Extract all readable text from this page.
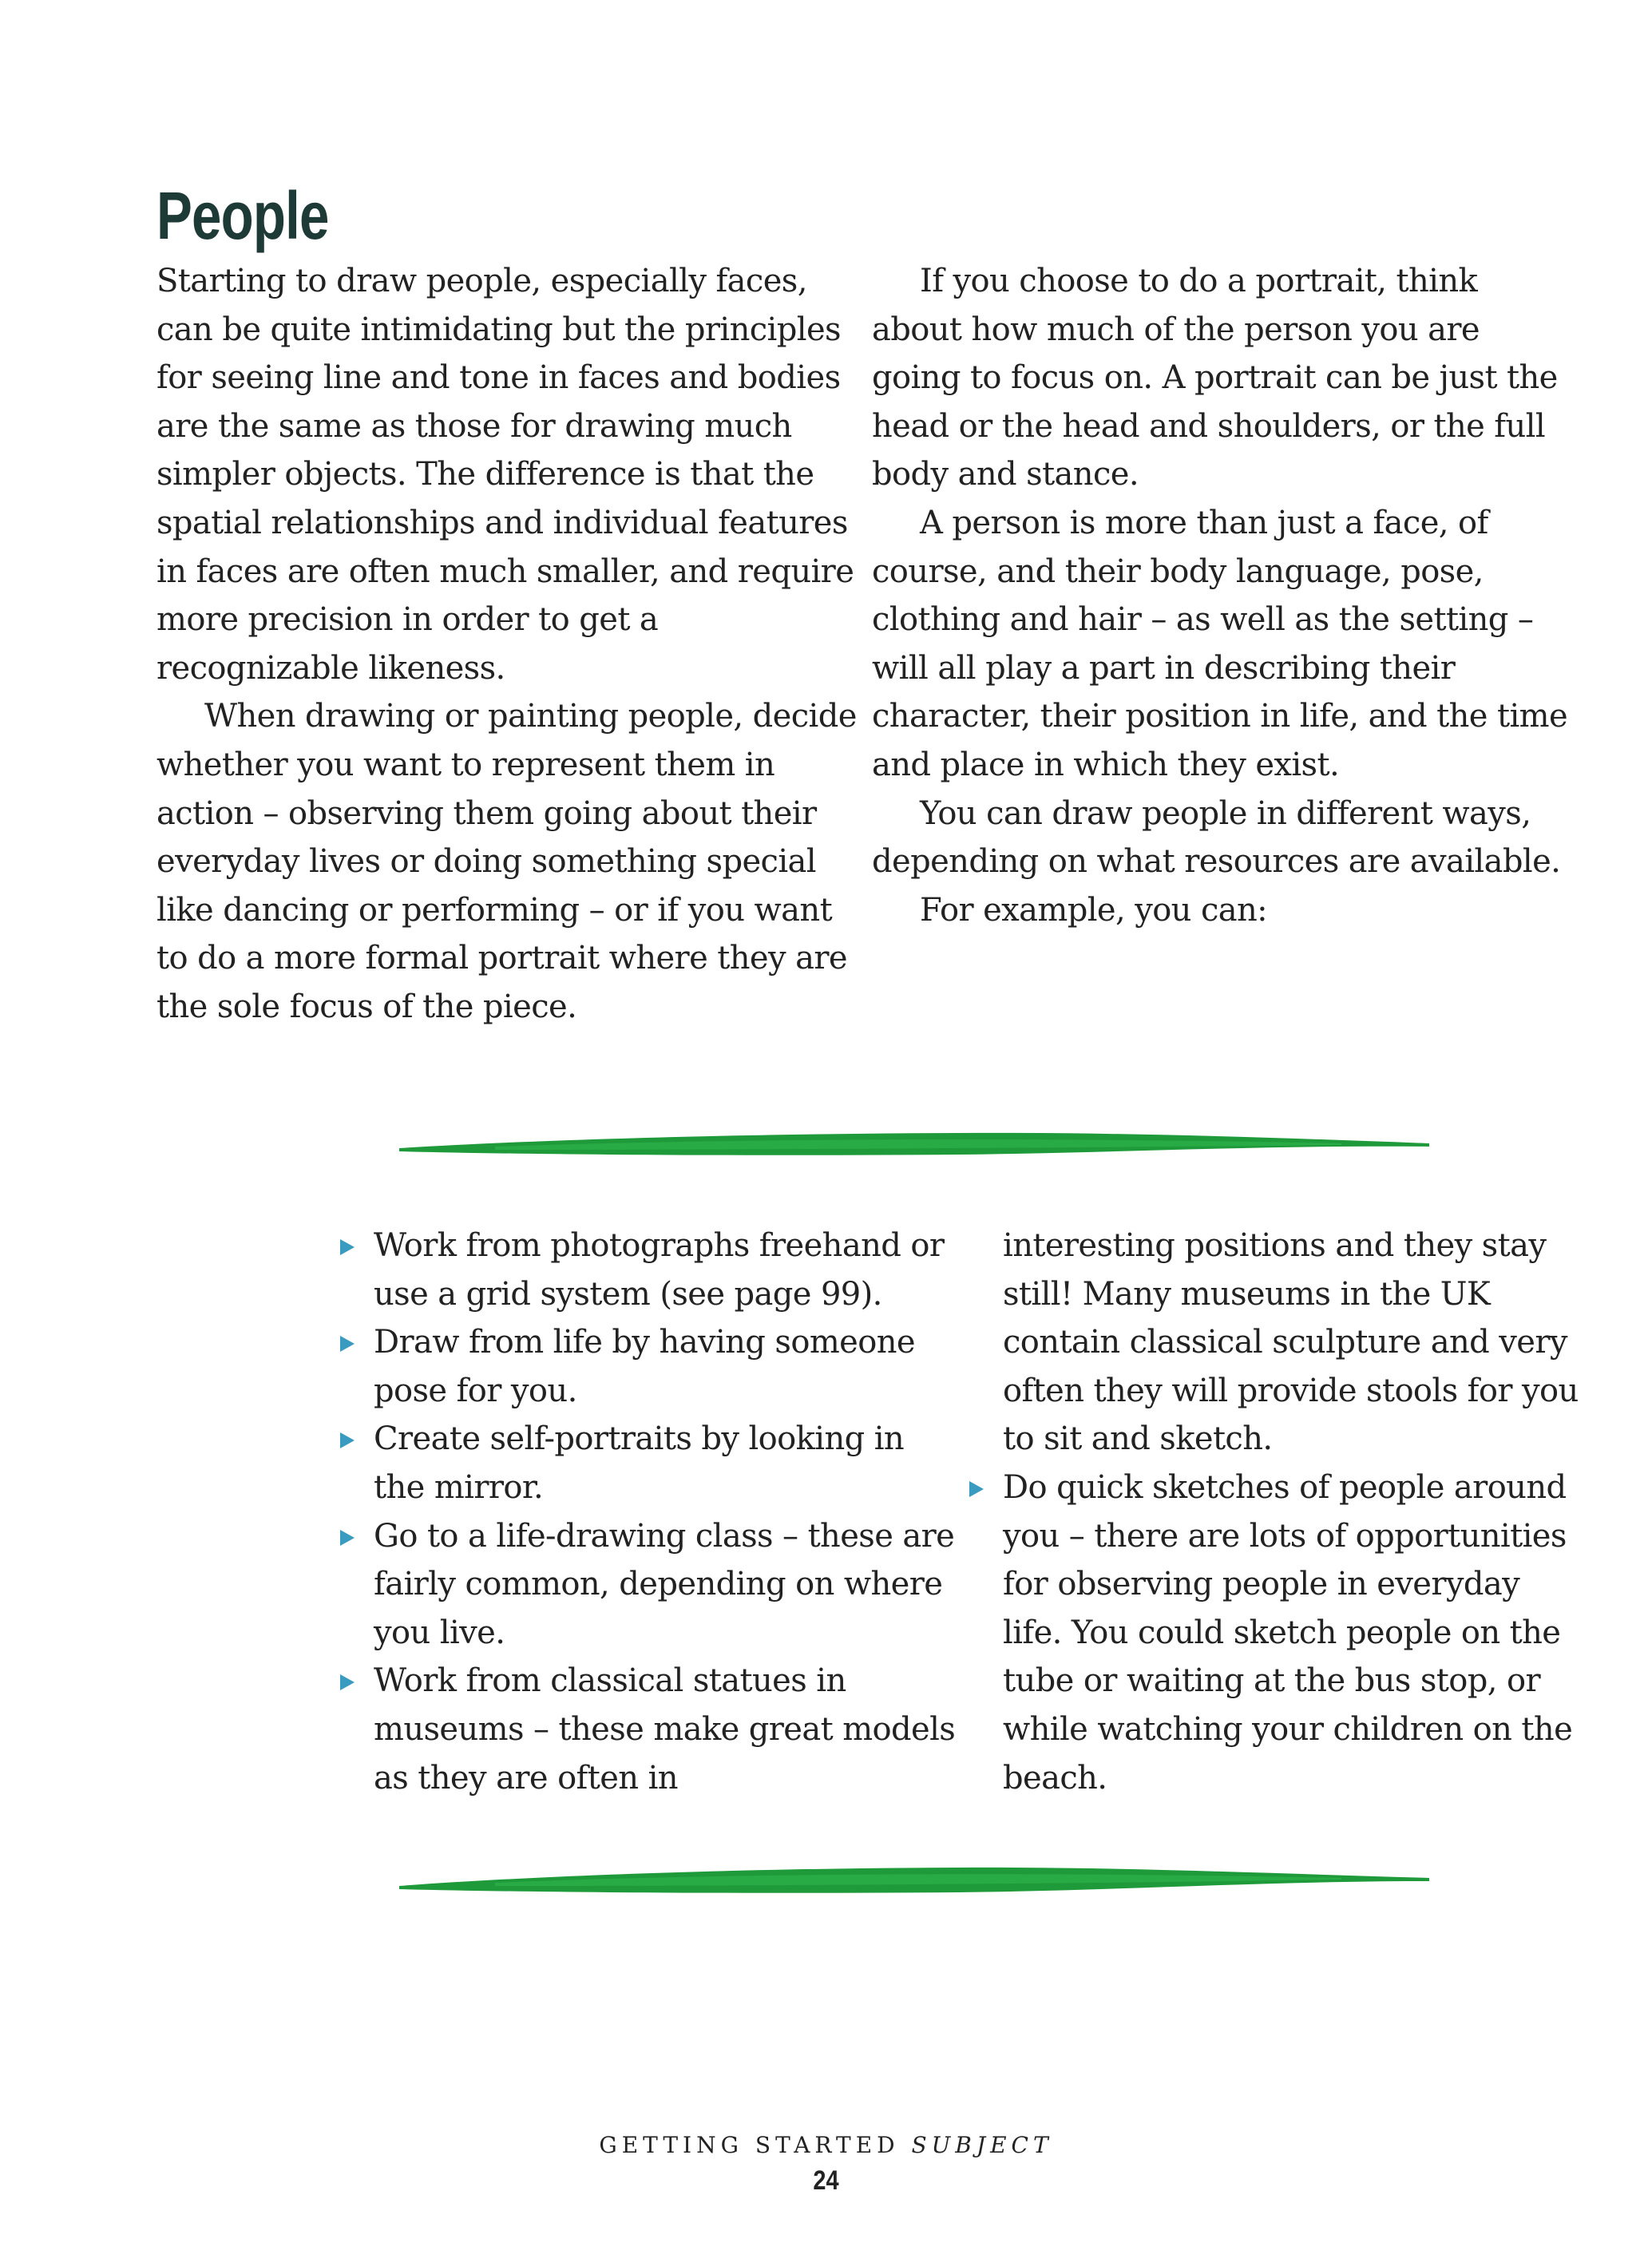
People

Starting to draw people, especially faces, can be quite intimidating but the principles for seeing line and tone in faces and bodies are the same as those for drawing much simpler objects. The difference is that the spatial relationships and individual features in faces are often much smaller, and require more precision in order to get a recognizable likeness.

When drawing or painting people, decide whether you want to represent them in action – observing them going about their everyday lives or doing something special like dancing or performing – or if you want to do a more formal portrait where they are the sole focus of the piece.

If you choose to do a portrait, think about how much of the person you are going to focus on. A portrait can be just the head or the head and shoulders, or the full body and stance.

A person is more than just a face, of course, and their body language, pose, clothing and hair – as well as the setting – will all play a part in describing their character, their position in life, and the time and place in which they exist.

You can draw people in different ways, depending on what resources are available.

For example, you can:

Work from photographs freehand or use a grid system (see page 99).
Draw from life by having someone pose for you.
Create self-portraits by looking in the mirror.
Go to a life-drawing class – these are fairly common, depending on where you live.
Work from classical statues in museums – these make great models as they are often in
interesting positions and they stay still! Many museums in the UK contain classical sculpture and very often they will provide stools for you to sit and sketch.
Do quick sketches of people around you – there are lots of opportunities for observing people in everyday life. You could sketch people on the tube or waiting at the bus stop, or while watching your children on the beach.
GETTING STARTED SUBJECT
24
